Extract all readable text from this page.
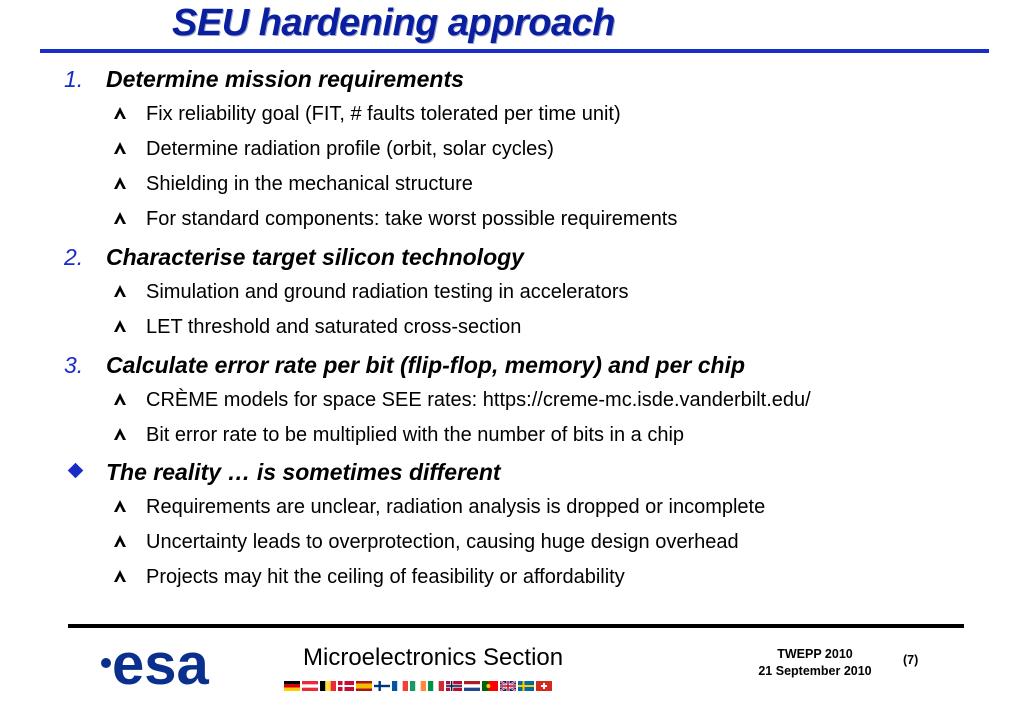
SEU hardening approach
1. Determine mission requirements
Fix reliability goal (FIT, # faults tolerated per time unit)
Determine radiation profile (orbit, solar cycles)
Shielding in the mechanical structure
For standard components: take worst possible requirements
2. Characterise target silicon technology
Simulation and ground radiation testing in accelerators
LET threshold and saturated cross-section
3. Calculate error rate per bit (flip-flop, memory) and per chip
CRÈME models for space SEE rates: https://creme-mc.isde.vanderbilt.edu/
Bit error rate to be multiplied with the number of bits in a chip
The reality … is sometimes different
Requirements are unclear, radiation analysis is dropped or incomplete
Uncertainty leads to overprotection, causing huge design overhead
Projects may hit the ceiling of feasibility or affordability
esa	Microelectronics Section	TWEPP 2010
21 September 2010
(7)
